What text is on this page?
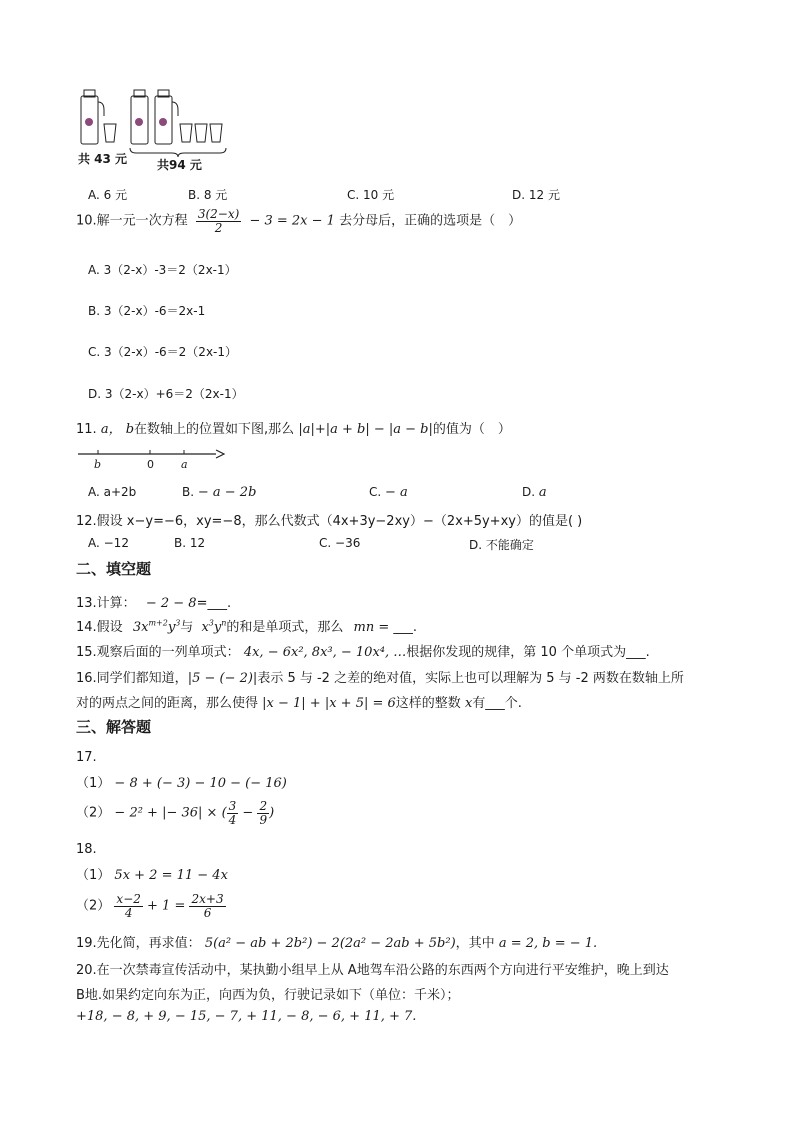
共 43 元 共94 元
A. 6 元	B. 8 元	C. 10 元	D. 12 元
10.解一元一次方程 $\frac{3(2-x)}{2} - 3 = 2x - 1$ 去分母后，正确的选项是（　）
A. 3（2-x）-3＝2（2x-1）
B. 3（2-x）-6＝2x-1
C. 3（2-x）-6＝2（2x-1）
D. 3（2-x）+6＝2（2x-1）
11. a， b在数轴上的位置如下图,那么 |a|+|a + b| − |a − b|的值为（　）
b	0 a
A. a+2b	B. − a − 2b	C. − a	D. a
12.假设 x−y=−6，xy=−8，那么代数式（4x+3y−2xy）−（2x+5y+xy）的值是( )
A. −12	B. 12	C. −36	D. 不能确定
二、填空题
13.计算： − 2 − 8=___.
14.假设 $3x^{m+2}y^3$与 $x^3y^n$的和是单项式，那么 mn = ___.
15.观察后面的一列单项式： 4x, − 6x², 8x³, − 10x⁴, …根据你发现的规律，第 10 个单项式为___.
16.同学们都知道，|5 − (− 2)|表示 5 与 -2 之差的绝对值，实际上也可以理解为 5 与 -2 两数在数轴上所
对的两点之间的距离，那么使得 |x − 1| + |x + 5| = 6这样的整数 x有___个.
三、解答题
17.
（1） − 8 + (− 3) − 10 − (− 16)
（2） − 2² + |− 36| × ( $\frac{3}{4} - \frac{2}{9}$ )
18.
（1） 5x + 2 = 11 − 4x
$(2) \frac{x-2}{4} + 1 = \frac{2x+3}{6}$
19.先化简，再求值： 5(a² − ab + 2b²) − 2(2a² − 2ab + 5b²)，其中 a = 2, b = − 1.
20.在一次禁毒宣传活动中，某执勤小组早上从 A地驾车沿公路的东西两个方向进行平安维护，晚上到达
B地.如果约定向东为正，向西为负，行驶记录如下（单位：千米）；
+18, − 8, + 9, − 15, − 7, + 11, − 8, − 6, + 11, + 7.
